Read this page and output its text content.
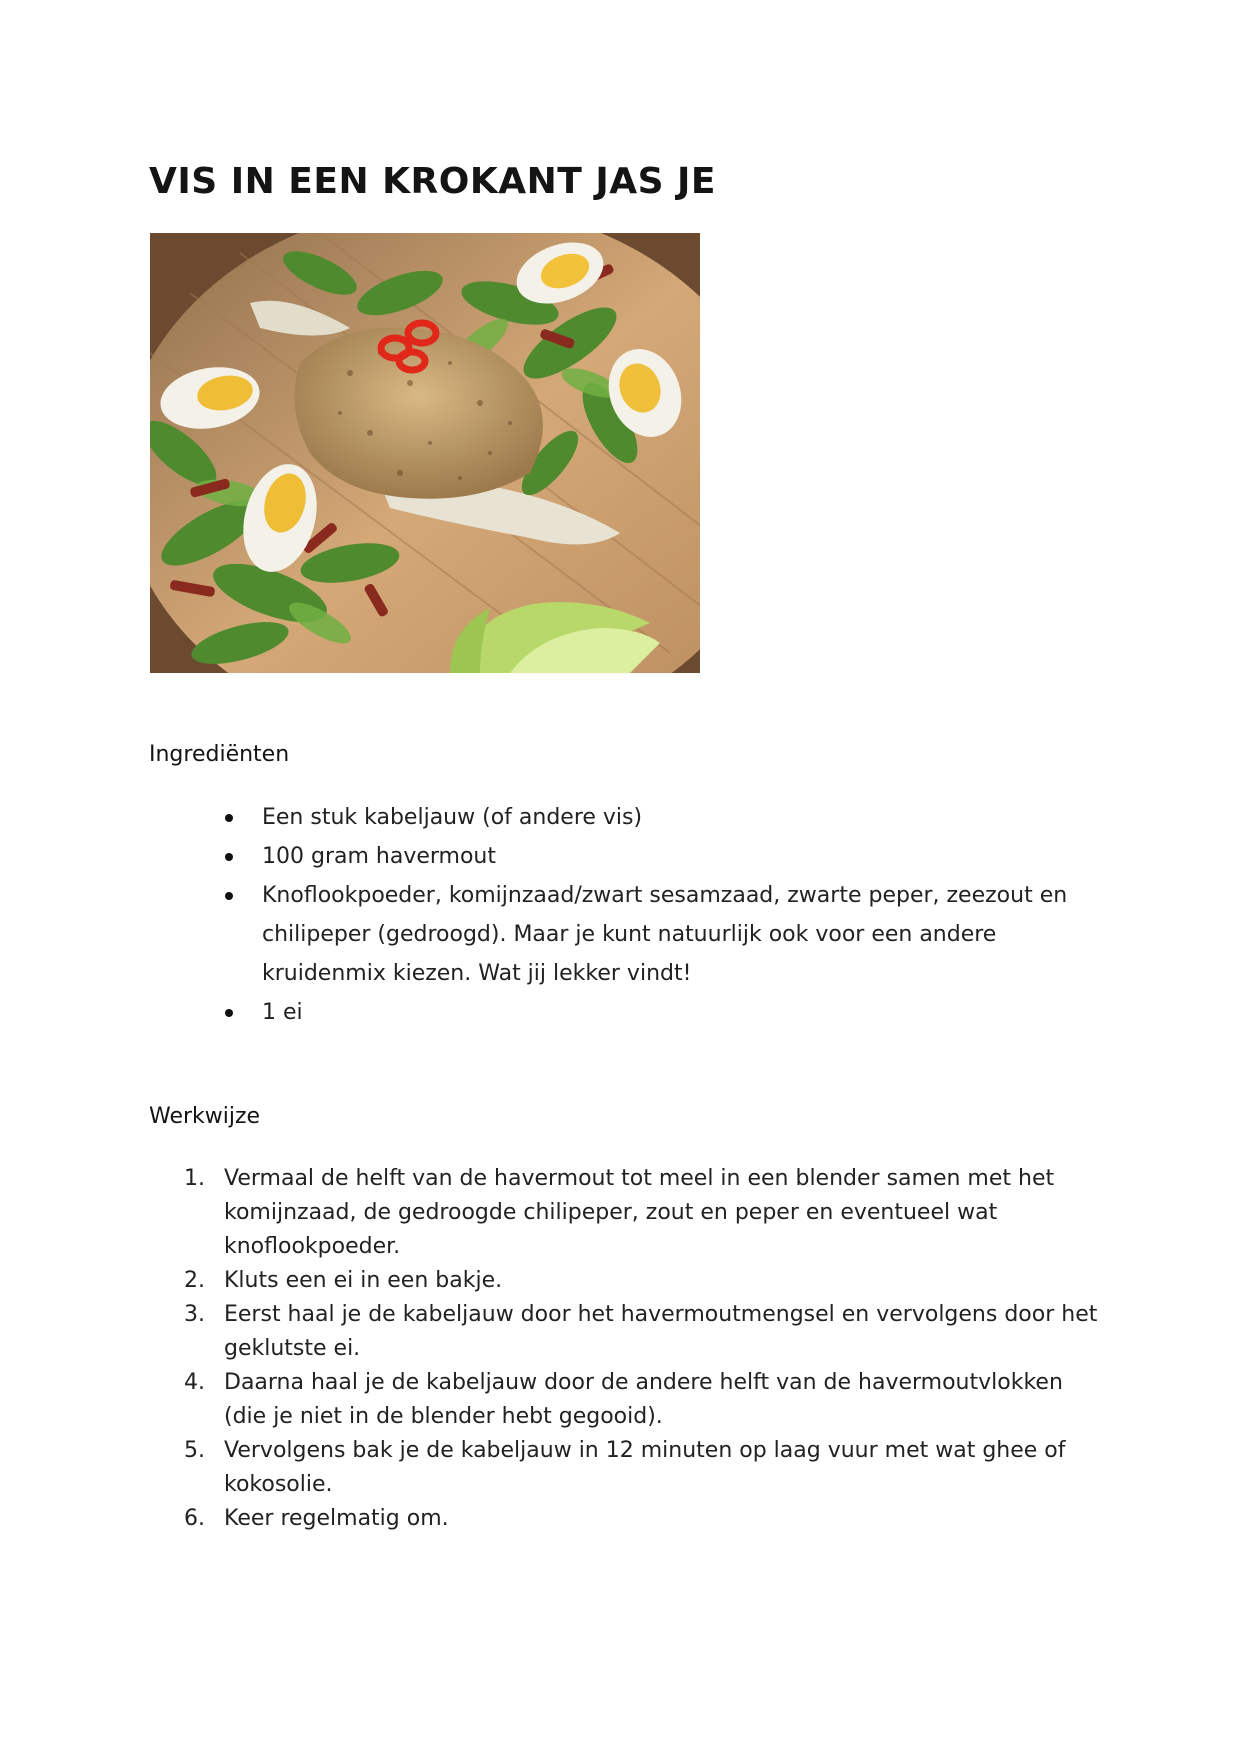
VIS IN EEN KROKANT JAS JE
Ingrediënten
Een stuk kabeljauw (of andere vis)
100 gram havermout
Knoflookpoeder, komijnzaad/zwart sesamzaad, zwarte peper, zeezout en chilipeper (gedroogd). Maar je kunt natuurlijk ook voor een andere kruidenmix kiezen. Wat jij lekker vindt!
1 ei
Werkwijze
1. Vermaal de helft van de havermout tot meel in een blender samen met het komijnzaad, de gedroogde chilipeper, zout en peper en eventueel wat knoflookpoeder.
2. Kluts een ei in een bakje.
3. Eerst haal je de kabeljauw door het havermoutmengsel en vervolgens door het geklutste ei.
4. Daarna haal je de kabeljauw door de andere helft van de havermoutvlokken (die je niet in de blender hebt gegooid).
5. Vervolgens bak je de kabeljauw in 12 minuten op laag vuur met wat ghee of kokosolie.
6. Keer regelmatig om.
